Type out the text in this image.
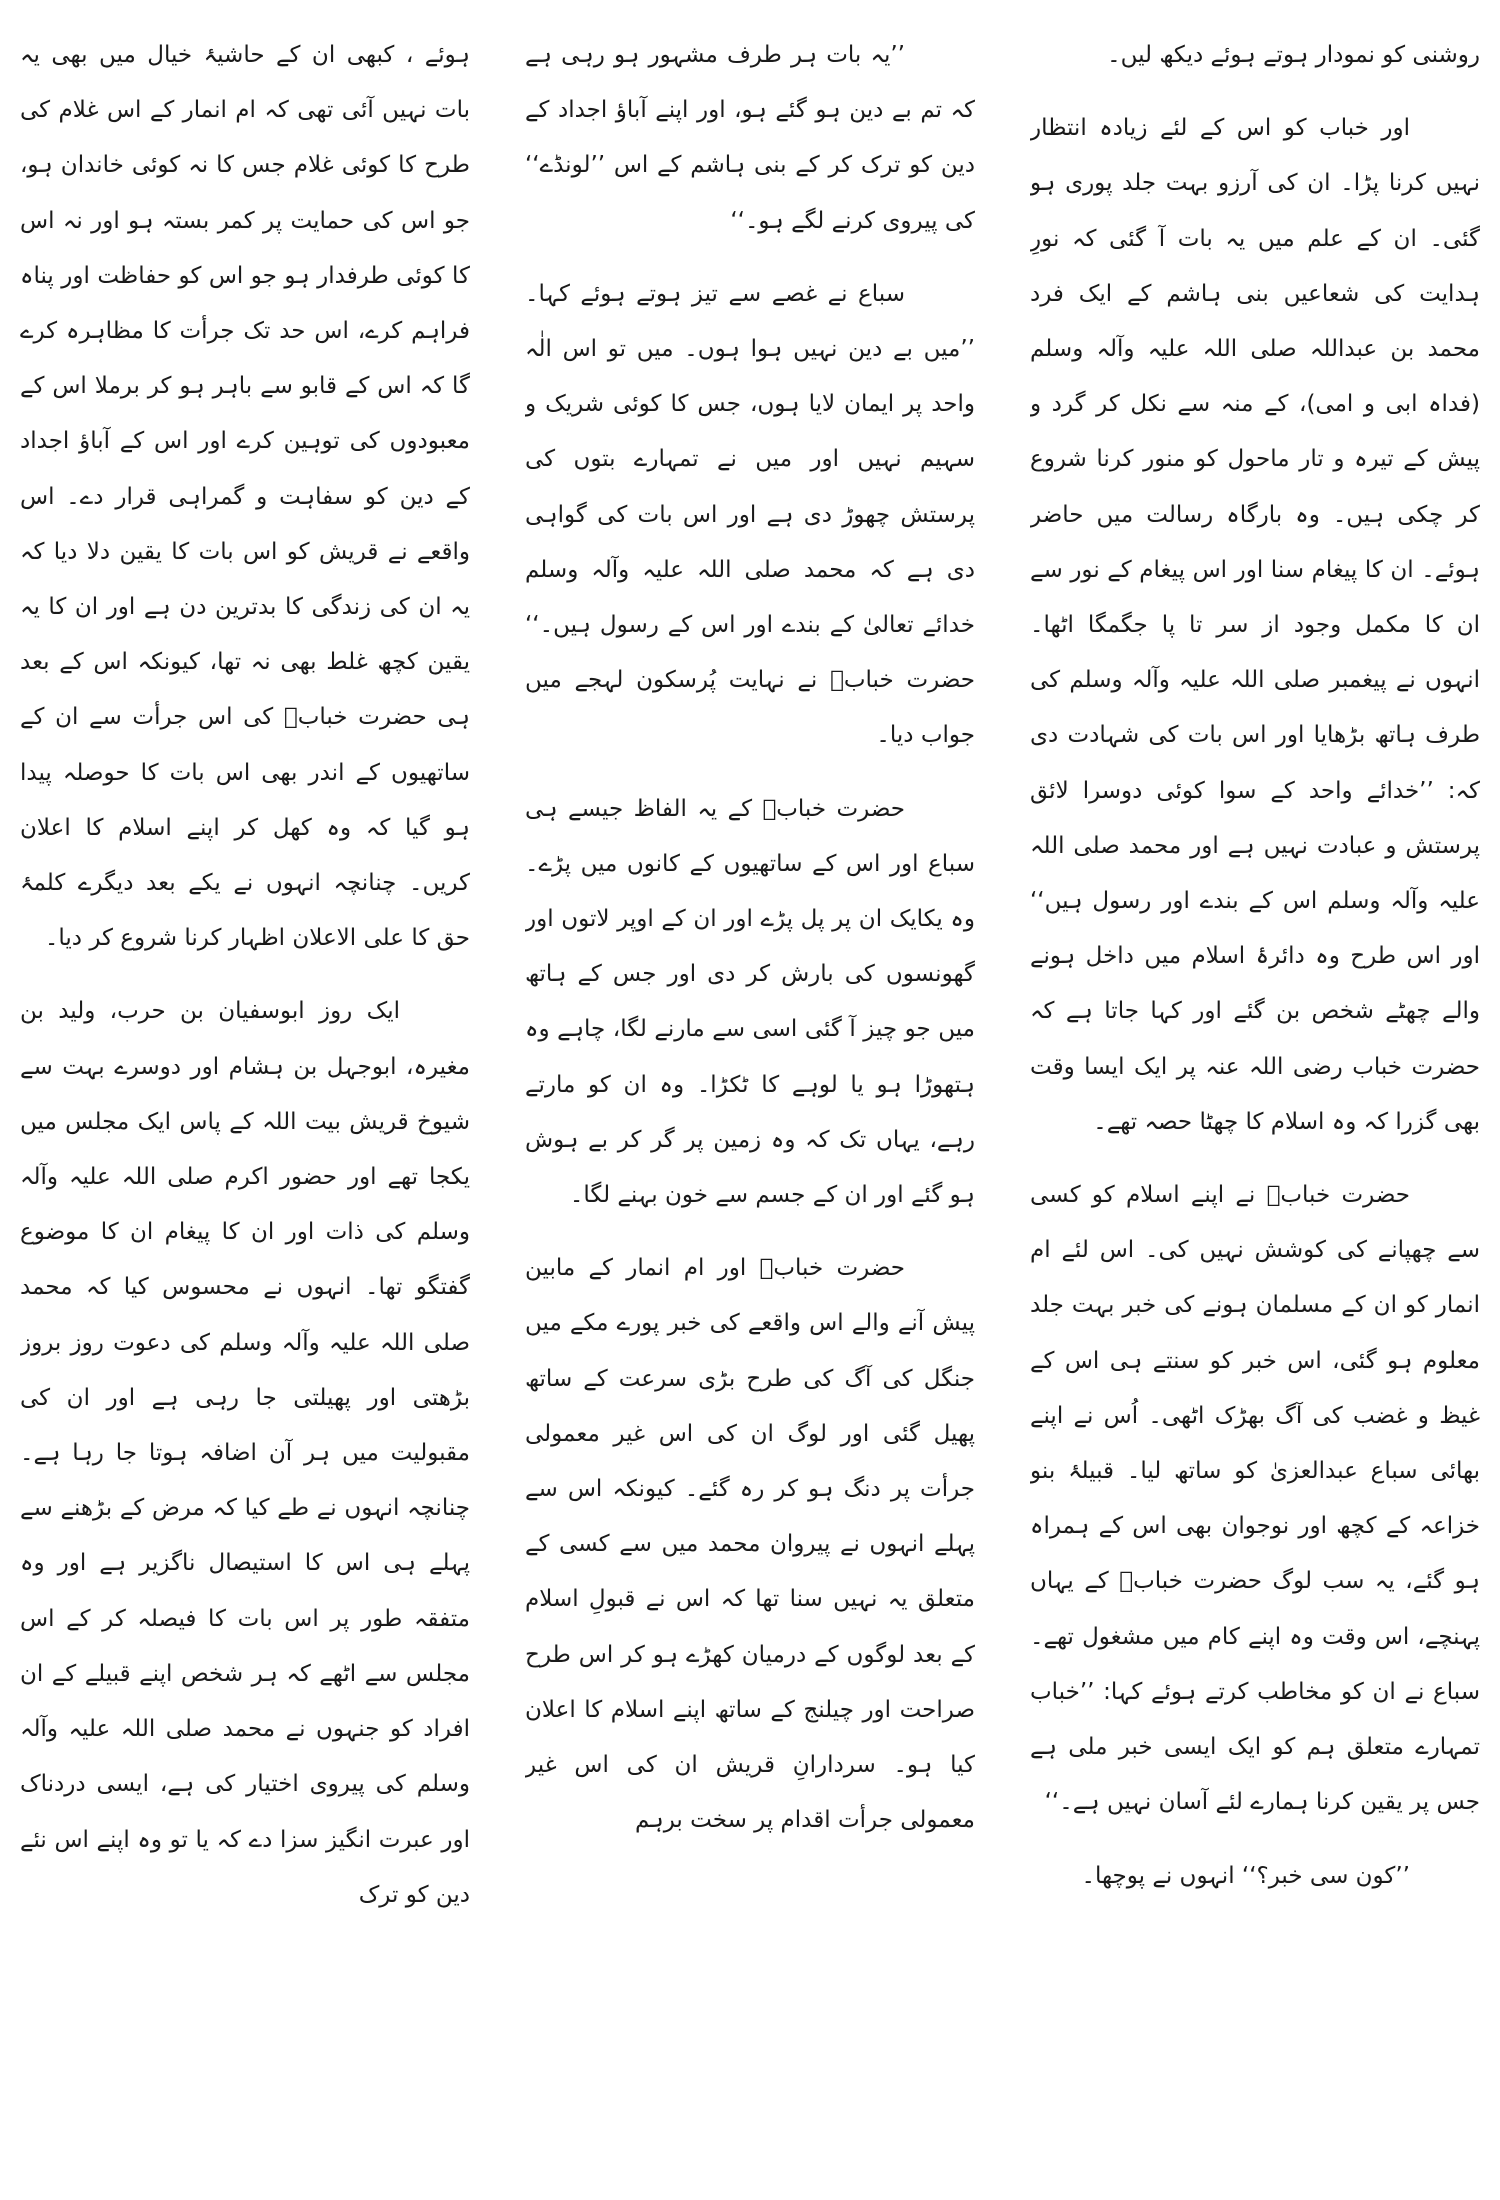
ہوئے ، کبھی ان کے حاشیۂ خیال میں بھی یہ بات نہیں آئی تھی کہ ام انمار کے اس غلام کی طرح کا کوئی غلام جس کا نہ کوئی خاندان ہو، جو اس کی حمایت پر کمر بستہ ہو اور نہ اس کا کوئی طرفدار ہو جو اس کو حفاظت اور پناہ فراہم کرے، اس حد تک جرأت کا مظاہرہ کرے گا کہ اس کے قابو سے باہر ہو کر برملا اس کے معبودوں کی توہین کرے اور اس کے آباؤ اجداد کے دین کو سفاہت و گمراہی قرار دے۔ اس واقعے نے قریش کو اس بات کا یقین دلا دیا کہ یہ ان کی زندگی کا بدترین دن ہے اور ان کا یہ یقین کچھ غلط بھی نہ تھا، کیونکہ اس کے بعد ہی حضرت خبابؓ کی اس جرأت سے ان کے ساتھیوں کے اندر بھی اس بات کا حوصلہ پیدا ہو گیا کہ وہ کھل کر اپنے اسلام کا اعلان کریں۔ چنانچہ انہوں نے یکے بعد دیگرے کلمۂ حق کا علی الاعلان اظہار کرنا شروع کر دیا۔

ایک روز ابوسفیان بن حرب، ولید بن مغیرہ، ابوجہل بن ہشام اور دوسرے بہت سے شیوخ قریش بیت اللہ کے پاس ایک مجلس میں یکجا تھے اور حضور اکرم صلی اللہ علیہ وآلہ وسلم کی ذات اور ان کا پیغام ان کا موضوع گفتگو تھا۔ انہوں نے محسوس کیا کہ محمد صلی اللہ علیہ وآلہ وسلم کی دعوت روز بروز بڑھتی اور پھیلتی جا رہی ہے اور ان کی مقبولیت میں ہر آن اضافہ ہوتا جا رہا ہے۔ چنانچہ انہوں نے طے کیا کہ مرض کے بڑھنے سے پہلے ہی اس کا استیصال ناگزیر ہے اور وہ متفقہ طور پر اس بات کا فیصلہ کر کے اس مجلس سے اٹھے کہ ہر شخص اپنے قبیلے کے ان افراد کو جنہوں نے محمد صلی اللہ علیہ وآلہ وسلم کی پیروی اختیار کی ہے، ایسی دردناک اور عبرت انگیز سزا دے کہ یا تو وہ اپنے اس نئے دین کو ترک

’’یہ بات ہر طرف مشہور ہو رہی ہے کہ تم بے دین ہو گئے ہو، اور اپنے آباؤ اجداد کے دین کو ترک کر کے بنی ہاشم کے اس ’’لونڈے‘‘ کی پیروی کرنے لگے ہو۔‘‘

سباع نے غصے سے تیز ہوتے ہوئے کہا۔ ’’میں بے دین نہیں ہوا ہوں۔ میں تو اس الٰہ واحد پر ایمان لایا ہوں، جس کا کوئی شریک و سہیم نہیں اور میں نے تمہارے بتوں کی پرستش چھوڑ دی ہے اور اس بات کی گواہی دی ہے کہ محمد صلی اللہ علیہ وآلہ وسلم خدائے تعالیٰ کے بندے اور اس کے رسول ہیں۔‘‘ حضرت خبابؓ نے نہایت پُرسکون لہجے میں جواب دیا۔

حضرت خبابؓ کے یہ الفاظ جیسے ہی سباع اور اس کے ساتھیوں کے کانوں میں پڑے۔ وہ یکایک ان پر پل پڑے اور ان کے اوپر لاتوں اور گھونسوں کی بارش کر دی اور جس کے ہاتھ میں جو چیز آ گئی اسی سے مارنے لگا، چاہے وہ ہتھوڑا ہو یا لوہے کا ٹکڑا۔ وہ ان کو مارتے رہے، یہاں تک کہ وہ زمین پر گر کر بے ہوش ہو گئے اور ان کے جسم سے خون بہنے لگا۔

حضرت خبابؓ اور ام انمار کے مابین پیش آنے والے اس واقعے کی خبر پورے مکے میں جنگل کی آگ کی طرح بڑی سرعت کے ساتھ پھیل گئی اور لوگ ان کی اس غیر معمولی جرأت پر دنگ ہو کر رہ گئے۔ کیونکہ اس سے پہلے انہوں نے پیروان محمد میں سے کسی کے متعلق یہ نہیں سنا تھا کہ اس نے قبولِ اسلام کے بعد لوگوں کے درمیان کھڑے ہو کر اس طرح صراحت اور چیلنج کے ساتھ اپنے اسلام کا اعلان کیا ہو۔ سردارانِ قریش ان کی اس غیر معمولی جرأت اقدام پر سخت برہم

روشنی کو نمودار ہوتے ہوئے دیکھ لیں۔

اور خباب کو اس کے لئے زیادہ انتظار نہیں کرنا پڑا۔ ان کی آرزو بہت جلد پوری ہو گئی۔ ان کے علم میں یہ بات آ گئی کہ نورِ ہدایت کی شعاعیں بنی ہاشم کے ایک فرد محمد بن عبداللہ صلی اللہ علیہ وآلہ وسلم (فداہ ابی و امی)، کے منہ سے نکل کر گرد و پیش کے تیرہ و تار ماحول کو منور کرنا شروع کر چکی ہیں۔ وہ بارگاہ رسالت میں حاضر ہوئے۔ ان کا پیغام سنا اور اس پیغام کے نور سے ان کا مکمل وجود از سر تا پا جگمگا اٹھا۔ انہوں نے پیغمبر صلی اللہ علیہ وآلہ وسلم کی طرف ہاتھ بڑھایا اور اس بات کی شہادت دی کہ: ’’خدائے واحد کے سوا کوئی دوسرا لائق پرستش و عبادت نہیں ہے اور محمد صلی اللہ علیہ وآلہ وسلم اس کے بندے اور رسول ہیں‘‘ اور اس طرح وہ دائرۂ اسلام میں داخل ہونے والے چھٹے شخص بن گئے اور کہا جاتا ہے کہ حضرت خباب رضی اللہ عنہ پر ایک ایسا وقت بھی گزرا کہ وہ اسلام کا چھٹا حصہ تھے۔

حضرت خبابؓ نے اپنے اسلام کو کسی سے چھپانے کی کوشش نہیں کی۔ اس لئے ام انمار کو ان کے مسلمان ہونے کی خبر بہت جلد معلوم ہو گئی، اس خبر کو سنتے ہی اس کے غیظ و غضب کی آگ بھڑک اٹھی۔ اُس نے اپنے بھائی سباع عبدالعزیٰ کو ساتھ لیا۔ قبیلۂ بنو خزاعہ کے کچھ اور نوجوان بھی اس کے ہمراہ ہو گئے، یہ سب لوگ حضرت خبابؓ کے یہاں پہنچے، اس وقت وہ اپنے کام میں مشغول تھے۔ سباع نے ان کو مخاطب کرتے ہوئے کہا: ’’خباب تمہارے متعلق ہم کو ایک ایسی خبر ملی ہے جس پر یقین کرنا ہمارے لئے آسان نہیں ہے۔‘‘

’’کون سی خبر؟‘‘ انہوں نے پوچھا۔
